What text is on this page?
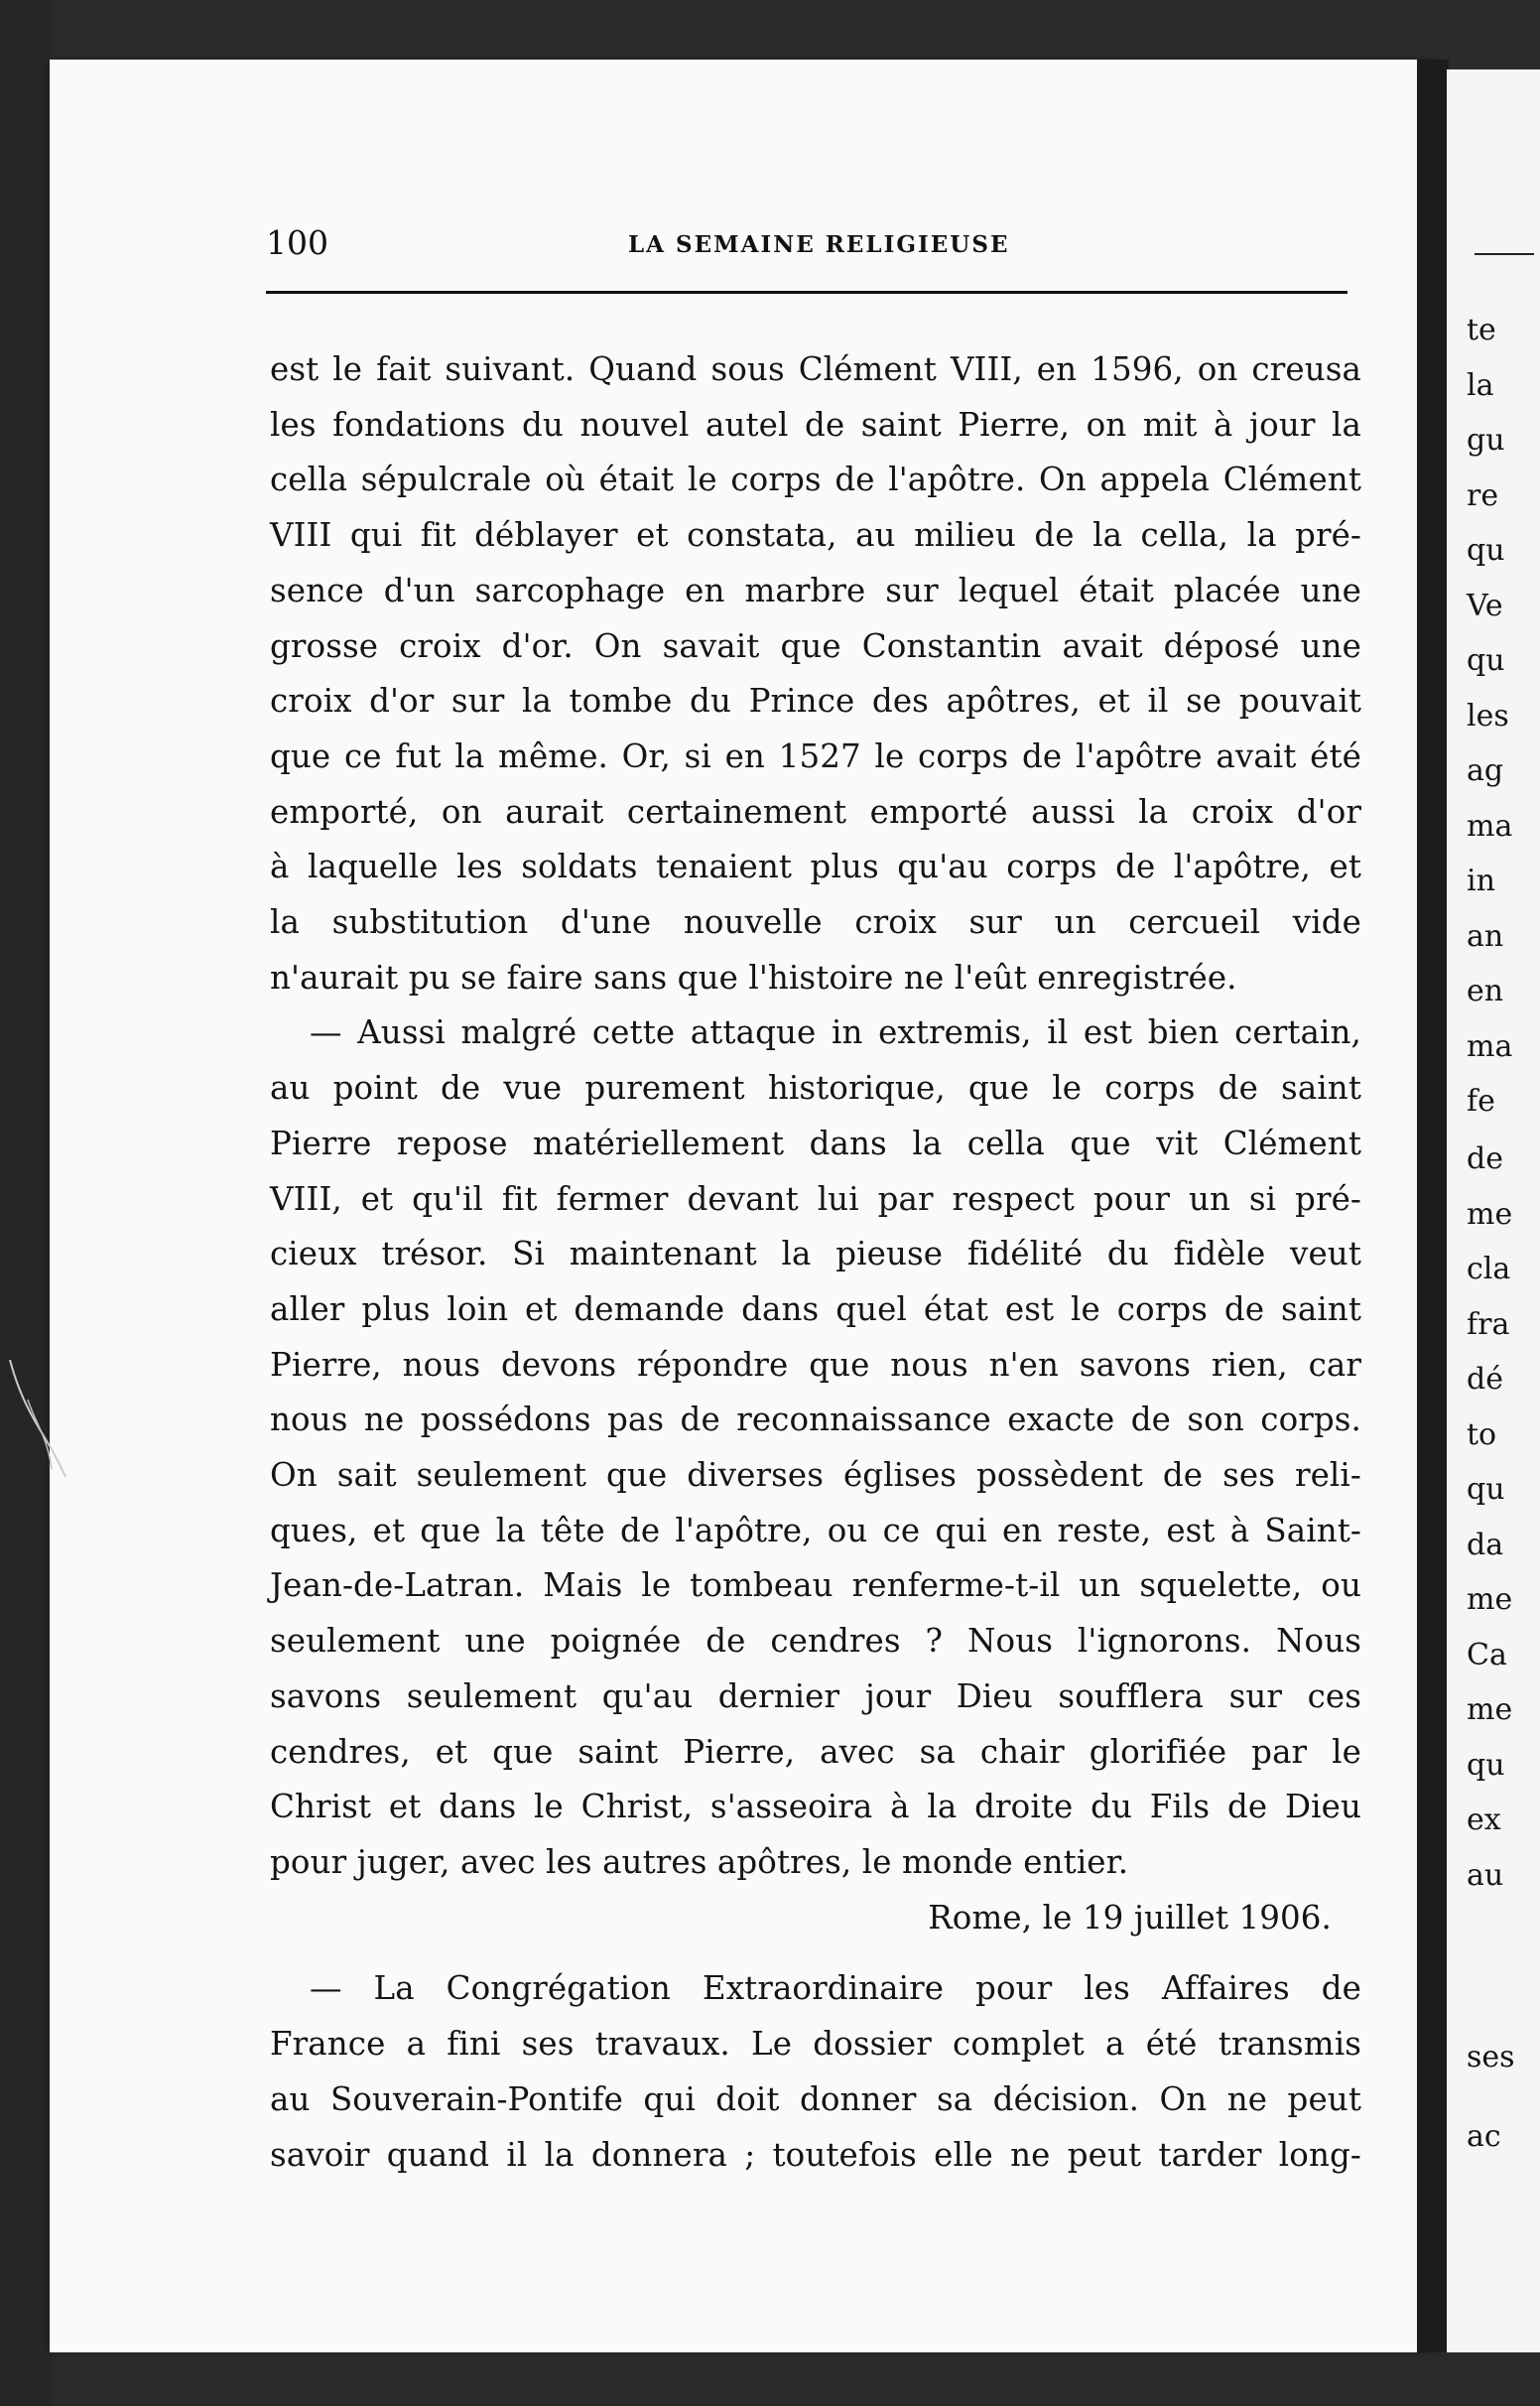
te
la
gu
re
qu
Ve
qu
les
ag
ma
in
an
en
ma
fe
de
me
cla
fra
dé
to
qu
da
me
Ca
me
qu
ex
au
ses
ac
100	LA SEMAINE RELIGIEUSE
est le fait suivant. Quand sous Clément VIII, en 1596, on creusa
les fondations du nouvel autel de saint Pierre, on mit à jour la
cella sépulcrale où était le corps de l'apôtre. On appela Clément
VIII qui fit déblayer et constata, au milieu de la cella, la pré-
sence d'un sarcophage en marbre sur lequel était placée une
grosse croix d'or. On savait que Constantin avait déposé une
croix d'or sur la tombe du Prince des apôtres, et il se pouvait
que ce fut la même. Or, si en 1527 le corps de l'apôtre avait été
emporté, on aurait certainement emporté aussi la croix d'or
à laquelle les soldats tenaient plus qu'au corps de l'apôtre, et
la substitution d'une nouvelle croix sur un cercueil vide
n'aurait pu se faire sans que l'histoire ne l'eût enregistrée.
— Aussi malgré cette attaque in extremis, il est bien certain,
au point de vue purement historique, que le corps de saint
Pierre repose matériellement dans la cella que vit Clément
VIII, et qu'il fit fermer devant lui par respect pour un si pré-
cieux trésor. Si maintenant la pieuse fidélité du fidèle veut
aller plus loin et demande dans quel état est le corps de saint
Pierre, nous devons répondre que nous n'en savons rien, car
nous ne possédons pas de reconnaissance exacte de son corps.
On sait seulement que diverses églises possèdent de ses reli-
ques, et que la tête de l'apôtre, ou ce qui en reste, est à Saint-
Jean-de-Latran. Mais le tombeau renferme-t-il un squelette, ou
seulement une poignée de cendres ? Nous l'ignorons. Nous
savons seulement qu'au dernier jour Dieu soufflera sur ces
cendres, et que saint Pierre, avec sa chair glorifiée par le
Christ et dans le Christ, s'asseoira à la droite du Fils de Dieu
pour juger, avec les autres apôtres, le monde entier.
Rome, le 19 juillet 1906.
— La Congrégation Extraordinaire pour les Affaires de
France a fini ses travaux. Le dossier complet a été transmis
au Souverain-Pontife qui doit donner sa décision. On ne peut
savoir quand il la donnera ; toutefois elle ne peut tarder long-
